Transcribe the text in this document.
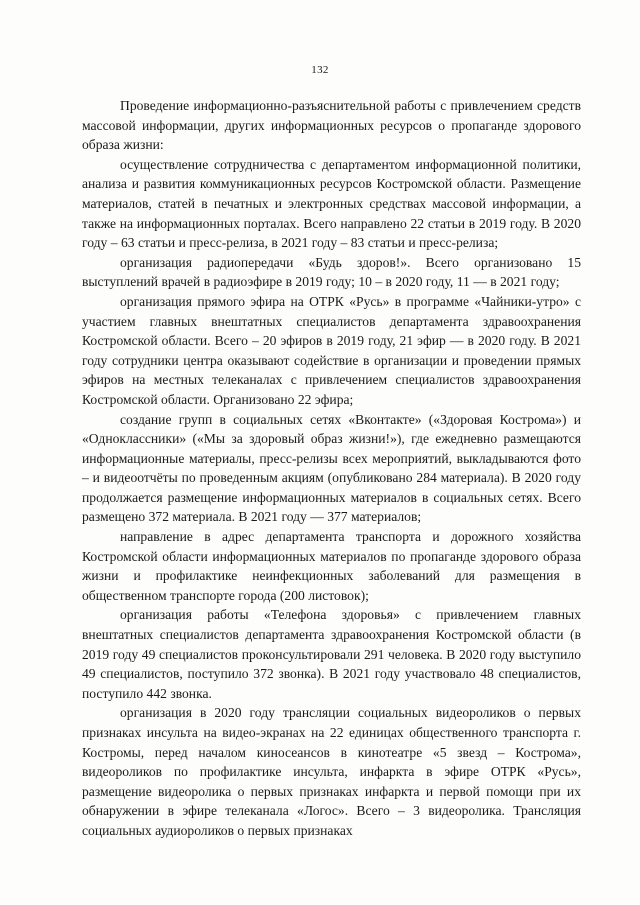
132

Проведение информационно-разъяснительной работы с привлечением средств массовой информации, других информационных ресурсов о пропаганде здорового образа жизни:

осуществление сотрудничества с департаментом информационной политики, анализа и развития коммуникационных ресурсов Костромской области. Размещение материалов, статей в печатных и электронных средствах массовой информации, а также на информационных порталах. Всего направлено 22 статьи в 2019 году. В 2020 году – 63 статьи и пресс-релиза, в 2021 году – 83 статьи и пресс-релиза;

организация радиопередачи «Будь здоров!». Всего организовано 15 выступлений врачей в радиоэфире в 2019 году; 10 – в 2020 году, 11 — в 2021 году;

организация прямого эфира на ОТРК «Русь» в программе «Чайники-утро» с участием главных внештатных специалистов департамента здравоохранения Костромской области. Всего – 20 эфиров в 2019 году, 21 эфир — в 2020 году. В 2021 году сотрудники центра оказывают содействие в организации и проведении прямых эфиров на местных телеканалах с привлечением специалистов здравоохранения Костромской области. Организовано 22 эфира;

создание групп в социальных сетях «Вконтакте» («Здоровая Кострома») и «Одноклассники» («Мы за здоровый образ жизни!»), где ежедневно размещаются информационные материалы, пресс-релизы всех мероприятий, выкладываются фото – и видеоотчёты по проведенным акциям (опубликовано 284 материала). В 2020 году продолжается размещение информационных материалов в социальных сетях. Всего размещено 372 материала. В 2021 году — 377 материалов;

направление в адрес департамента транспорта и дорожного хозяйства Костромской области информационных материалов по пропаганде здорового образа жизни и профилактике неинфекционных заболеваний для размещения в общественном транспорте города (200 листовок);

организация работы «Телефона здоровья» с привлечением главных внештатных специалистов департамента здравоохранения Костромской области (в 2019 году 49 специалистов проконсультировали 291 человека. В 2020 году выступило 49 специалистов, поступило 372 звонка). В 2021 году участвовало 48 специалистов, поступило 442 звонка.

организация в 2020 году трансляции социальных видеороликов о первых признаках инсульта на видео-экранах на 22 единицах общественного транспорта г. Костромы, перед началом киносеансов в кинотеатре «5 звезд – Кострома», видеороликов по профилактике инсульта, инфаркта в эфире ОТРК «Русь», размещение видеоролика о первых признаках инфаркта и первой помощи при их обнаружении в эфире телеканала «Логос». Всего – 3 видеоролика. Трансляция социальных аудиороликов о первых признаках
